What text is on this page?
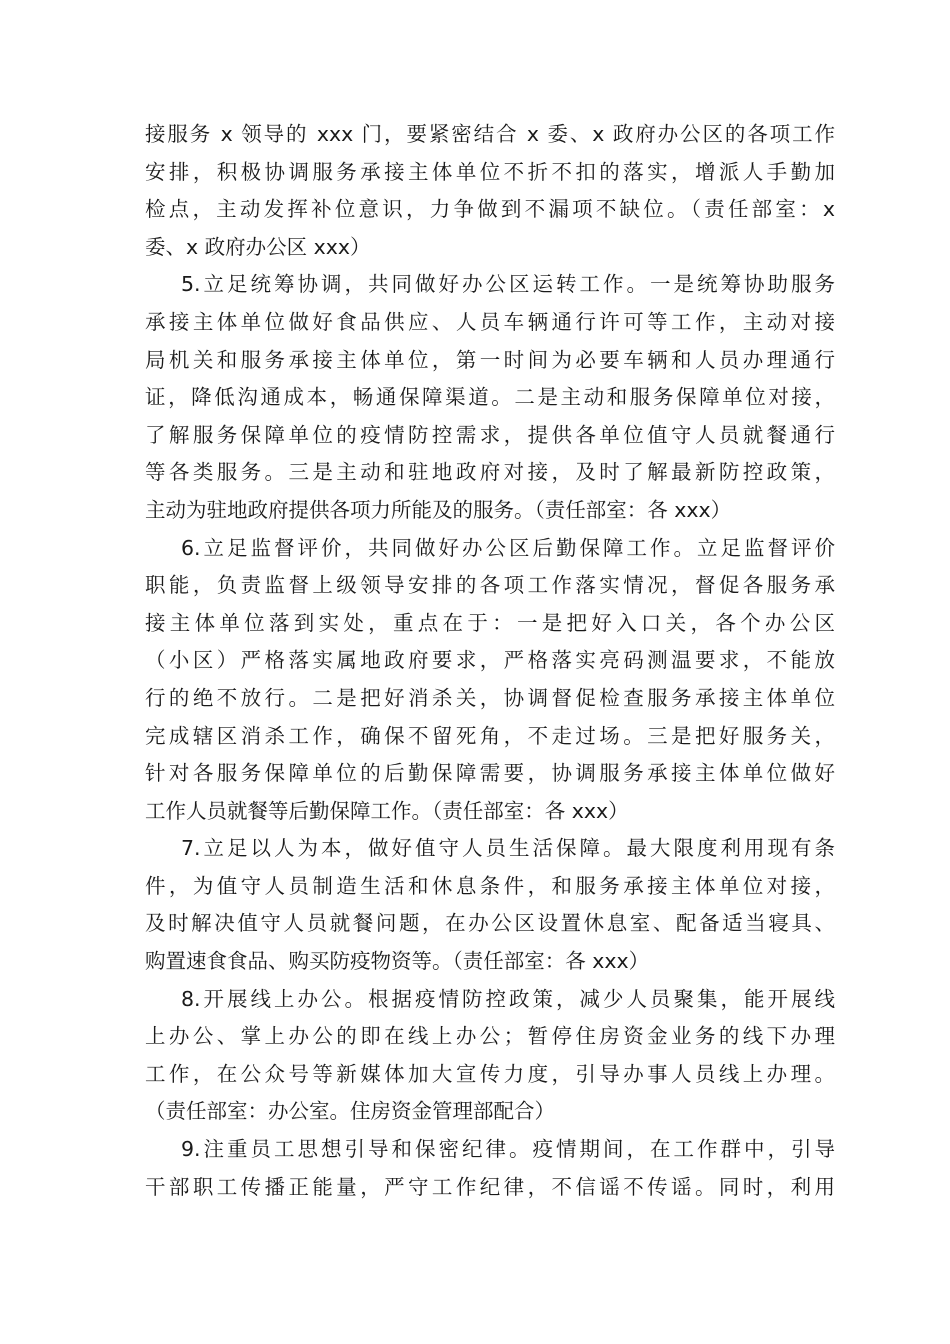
接服务 x 领导的 xxx 门，要紧密结合 x 委、x 政府办公区的各项工作
安排，积极协调服务承接主体单位不折不扣的落实，增派人手勤加
检点，主动发挥补位意识，力争做到不漏项不缺位。（责任部室：x
委、x 政府办公区 xxx）
5.立足统筹协调，共同做好办公区运转工作。一是统筹协助服务
承接主体单位做好食品供应、人员车辆通行许可等工作，主动对接
局机关和服务承接主体单位，第一时间为必要车辆和人员办理通行
证，降低沟通成本，畅通保障渠道。二是主动和服务保障单位对接，
了解服务保障单位的疫情防控需求，提供各单位值守人员就餐通行
等各类服务。三是主动和驻地政府对接，及时了解最新防控政策，
主动为驻地政府提供各项力所能及的服务。（责任部室：各 xxx）
6.立足监督评价，共同做好办公区后勤保障工作。立足监督评价
职能，负责监督上级领导安排的各项工作落实情况，督促各服务承
接主体单位落到实处，重点在于：一是把好入口关，各个办公区
（小区）严格落实属地政府要求，严格落实亮码测温要求，不能放
行的绝不放行。二是把好消杀关，协调督促检查服务承接主体单位
完成辖区消杀工作，确保不留死角，不走过场。三是把好服务关，
针对各服务保障单位的后勤保障需要，协调服务承接主体单位做好
工作人员就餐等后勤保障工作。（责任部室：各 xxx）
7.立足以人为本，做好值守人员生活保障。最大限度利用现有条
件，为值守人员制造生活和休息条件，和服务承接主体单位对接，
及时解决值守人员就餐问题，在办公区设置休息室、配备适当寝具、
购置速食食品、购买防疫物资等。（责任部室：各 xxx）
8.开展线上办公。根据疫情防控政策，减少人员聚集，能开展线
上办公、掌上办公的即在线上办公；暂停住房资金业务的线下办理
工作，在公众号等新媒体加大宣传力度，引导办事人员线上办理。
（责任部室：办公室。住房资金管理部配合）
9.注重员工思想引导和保密纪律。疫情期间，在工作群中，引导
干部职工传播正能量，严守工作纪律，不信谣不传谣。同时，利用
